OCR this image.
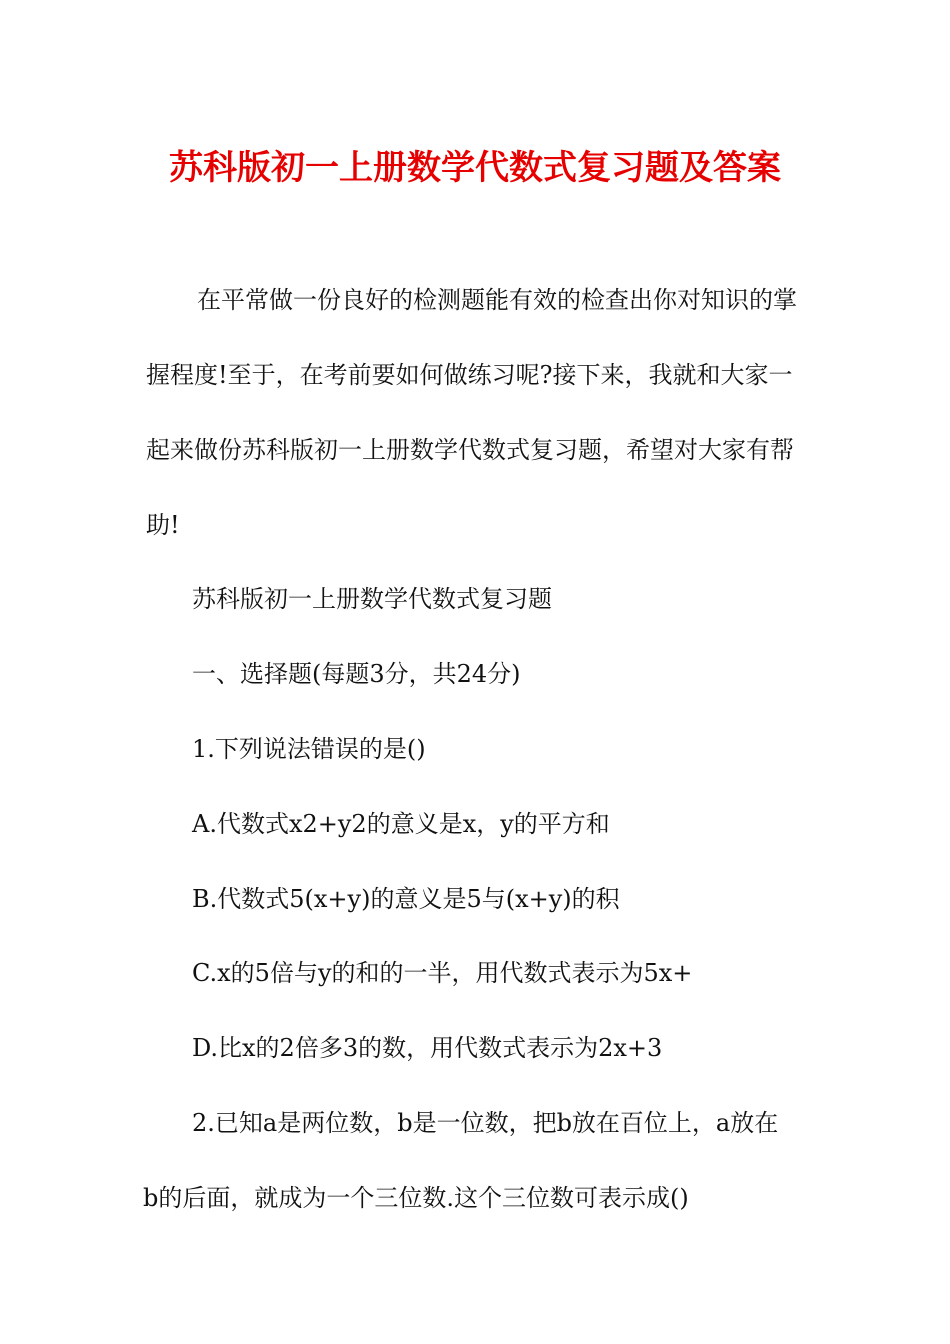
苏科版初一上册数学代数式复习题及答案
在平常做一份良好的检测题能有效的检查出你对知识的掌
握程度!至于，在考前要如何做练习呢?接下来，我就和大家一
起来做份苏科版初一上册数学代数式复习题，希望对大家有帮
助!
苏科版初一上册数学代数式复习题
一、选择题(每题3分，共24分)
1.下列说法错误的是()
A.代数式x2+y2的意义是x，y的平方和
B.代数式5(x+y)的意义是5与(x+y)的积
C.x的5倍与y的和的一半，用代数式表示为5x+
D.比x的2倍多3的数，用代数式表示为2x+3
2.已知a是两位数，b是一位数，把b放在百位上，a放在
b的后面，就成为一个三位数.这个三位数可表示成()
